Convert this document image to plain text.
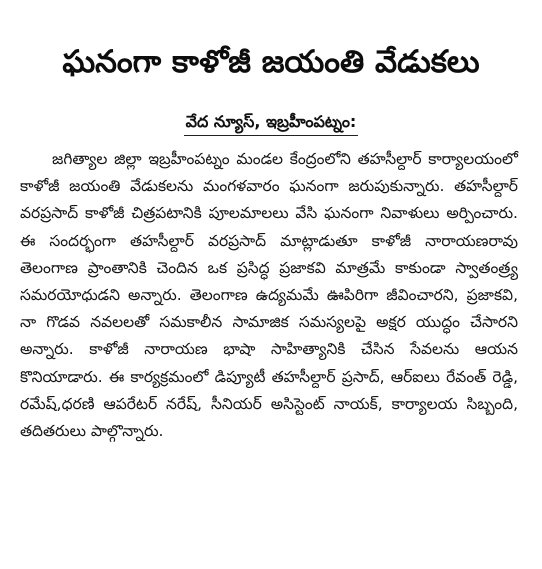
ఘనంగా కాళోజీ జయంతి వేడుకలు
వేద న్యూస్, ఇబ్రహీంపట్నం:

జగిత్యాల జిల్లా ఇబ్రహీంపట్నం మండల కేంద్రంలోని తహసీల్దార్ కార్యాలయంలో కాళోజీ జయంతి వేడుకలను మంగళవారం ఘనంగా జరుపుకున్నారు. తహసీల్దార్ వరప్రసాద్ కాళోజీ చిత్రపటానికి పూలమాలలు వేసి ఘనంగా నివాళులు అర్పించారు. ఈ సందర్భంగా తహసీల్దార్ వరప్రసాద్ మాట్లాడుతూ కాళోజీ నారాయణరావు తెలంగాణ ప్రాంతానికి చెందిన ఒక ప్రసిద్ధ ప్రజాకవి మాత్రమే కాకుండా స్వాతంత్ర్య సమరయోధుడని అన్నారు. తెలంగాణ ఉద్యమమే ఊపిరిగా జీవించారని, ప్రజాకవి, నా గొడవ నవలలతో సమకాలీన సామాజిక సమస్యలపై అక్షర యుద్ధం చేసారని అన్నారు. కాళోజీ నారాయణ భాషా సాహిత్యానికి చేసిన సేవలను ఆయన కొనియాడారు. ఈ కార్యక్రమంలో డిప్యూటీ తహసీల్దార్ ప్రసాద్, ఆర్ఐలు రేవంత్ రెడ్డి, రమేష్,ధరణి ఆపరేటర్ నరేష్, సీనియర్ అసిస్టెంట్ నాయక్, కార్యాలయ సిబ్బంది, తదితరులు పాల్గొన్నారు.
